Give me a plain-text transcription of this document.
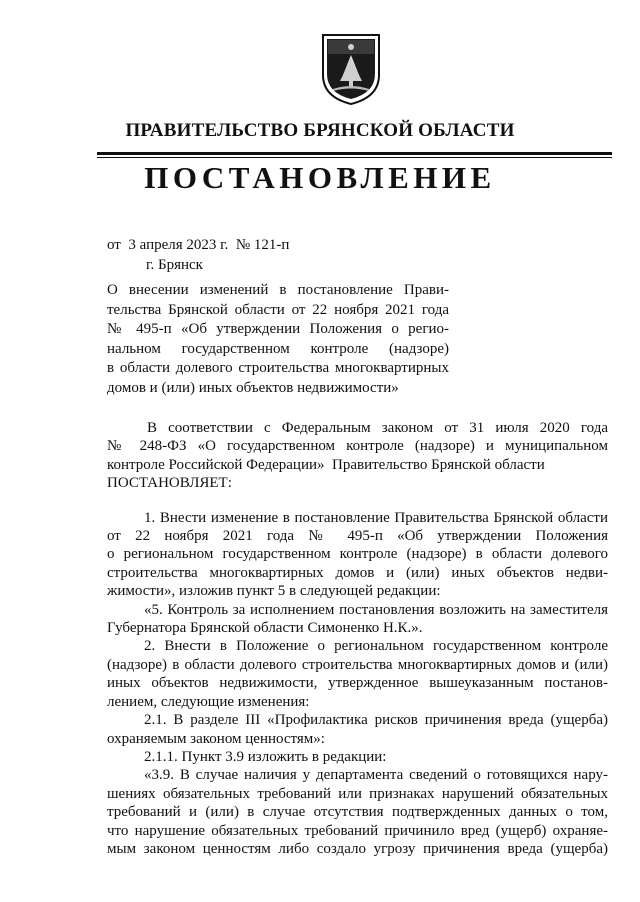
ПРАВИТЕЛЬСТВО БРЯНСКОЙ ОБЛАСТИ
ПОСТАНОВЛЕНИЕ
от  3 апреля 2023 г.  № 121-п
г. Брянск
О внесении изменений в постановление Прави-
тельства Брянской области от 22 ноября 2021 года
№ 495-п «Об утверждении Положения о регио-
нальном государственном контроле (надзоре)
в области долевого строительства многоквартирных
домов и (или) иных объектов недвижимости»
В соответствии с Федеральным законом от 31 июля 2020 года
№ 248-ФЗ «О государственном контроле (надзоре) и муниципальном
контроле Российской Федерации»  Правительство Брянской области
ПОСТАНОВЛЯЕТ:
1. Внести изменение в постановление Правительства Брянской области
от 22 ноября 2021 года № 495-п «Об утверждении Положения
о региональном государственном контроле (надзоре) в области долевого
строительства многоквартирных домов и (или) иных объектов недви-
жимости», изложив пункт 5 в следующей редакции:
«5. Контроль за исполнением постановления возложить на заместителя
Губернатора Брянской области Симоненко Н.К.».
2. Внести в Положение о региональном государственном контроле
(надзоре) в области долевого строительства многоквартирных домов и (или)
иных объектов недвижимости, утвержденное вышеуказанным постанов-
лением, следующие изменения:
2.1. В разделе III «Профилактика рисков причинения вреда (ущерба)
охраняемым законом ценностям»:
2.1.1. Пункт 3.9 изложить в редакции:
«3.9. В случае наличия у департамента сведений о готовящихся нару-
шениях обязательных требований или признаках нарушений обязательных
требований и (или) в случае отсутствия подтвержденных данных о том,
что нарушение обязательных требований причинило вред (ущерб) охраняе-
мым законом ценностям либо создало угрозу причинения вреда (ущерба)
